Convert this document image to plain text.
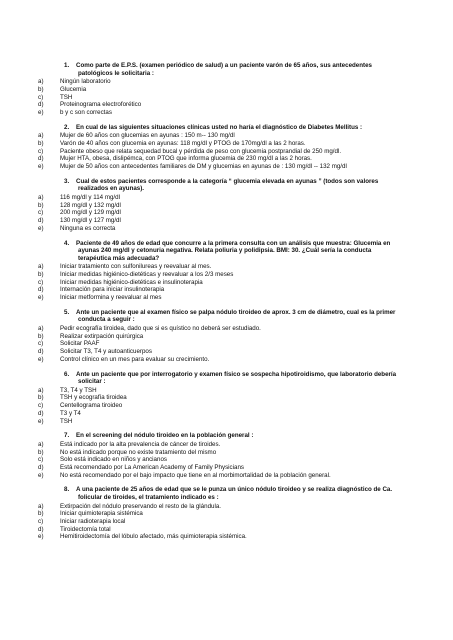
1. Como parte de E.P.S. (examen periódico de salud) a un paciente varón de 65 años, sus antecedentes patológicos le solicitaria :
a)	Ningún laboratorio
b)	Glucemia
c)	TSH
d)	Proteinograma electroforético
e)	b y c son correctas
2. En cual de las siguientes situaciones clínicas usted no haría el diagnóstico de Diabetes Mellitus :
a)	Mujer de 60 años con glucemias en ayunas : 150 m-- 130 mg/dl
b)	Varón de 40 años con glucemia en ayunas: 118 mg/dl y PTOG de 170mg/dl a las 2 horas.
c)	Paciente obeso que relata sequedad bucal y pérdida de peso con glucemia postprandial de 250 mg/dl.
d)	Mujer HTA, obesa, dislipémca, con PTOG que informa glucemia de 230 mg/dl a las 2 horas.
e)	Mujer de 50 años con antecedentes familiares de DM y glucemias en ayunas de : 130 mg/dl -- 132 mg/dl
3. Cual de estos pacientes corresponde a la categoría “ glucemia elevada en ayunas ” (todos son valores realizados en ayunas).
a)	116 mg/dl y 114 mg/dl
b)	128 mg/dl y 132 mg/dl
c)	200 mg/dl y 129 mg/dl
d)	130 mg/dl y 127 mg/dl
e)	Ninguna es correcta
4. Paciente de 49 años de edad que concurre a la primera consulta con un análisis que muestra: Glucemia en ayunas 240 mg/dl y cetonuria negativa. Relata poliuria y polidipsia. BMI: 30. ¿Cuál sería la conducta terapéutica más adecuada?
a)	Iniciar tratamiento con sulfonilureas y reevaluar al mes.
b)	Iniciar medidas higiénico-dietéticas y reevaluar a los 2/3 meses
c)	Iniciar medidas higiénico-dietéticas e insulinoterapia
d)	Internación para iniciar insulinoterapia
e)	Iniciar metformina y reevaluar al mes
5. Ante un paciente que al examen físico se palpa nódulo tiroideo de aprox. 3 cm de diámetro, cual es la primer conducta a seguir :
a)	Pedir ecografía tiroidea, dado que si es quístico no deberá ser estudiado.
b)	Realizar extirpación quirúrgica
c)	Solicitar PAAF
d)	Solicitar T3, T4 y autoanticuerpos
e)	Control clínico en un mes para evaluar su crecimiento.
6. Ante un paciente que por interrogatorio y examen físico se sospecha hipotiroidismo, que laboratorio debería solicitar :
a)	T3, T4 y TSH
b)	TSH y ecografía tiroidea
c)	Centellograma tiroideo
d)	T3 y T4
e)	TSH
7. En el screening del nódulo tiroideo en la población general :
a)	Está indicado por la alta prevalencia de cáncer de tiroides.
b)	No está indicado porque no existe tratamiento del mismo
c)	Solo está indicado en niños y ancianos
d)	Está recomendado por La American Academy of Family Physicians
e)	No está recomendado por el bajo impacto que tiene en al morbimortalidad de la población general.
8. A una paciente de 25 años de edad que se le punza un único nódulo tiroideo y se realiza diagnóstico de Ca. folicular de tiroides, el tratamiento indicado es :
a)	Extirpación del nódulo preservando el resto de la glándula.
b)	Iniciar quimioterapia sistémica
c)	Iniciar radioterapia local
d)	Tiroidectomía total
e)	Hemitiroidectomía del lóbulo afectado, más quimioterapia sistémica.
